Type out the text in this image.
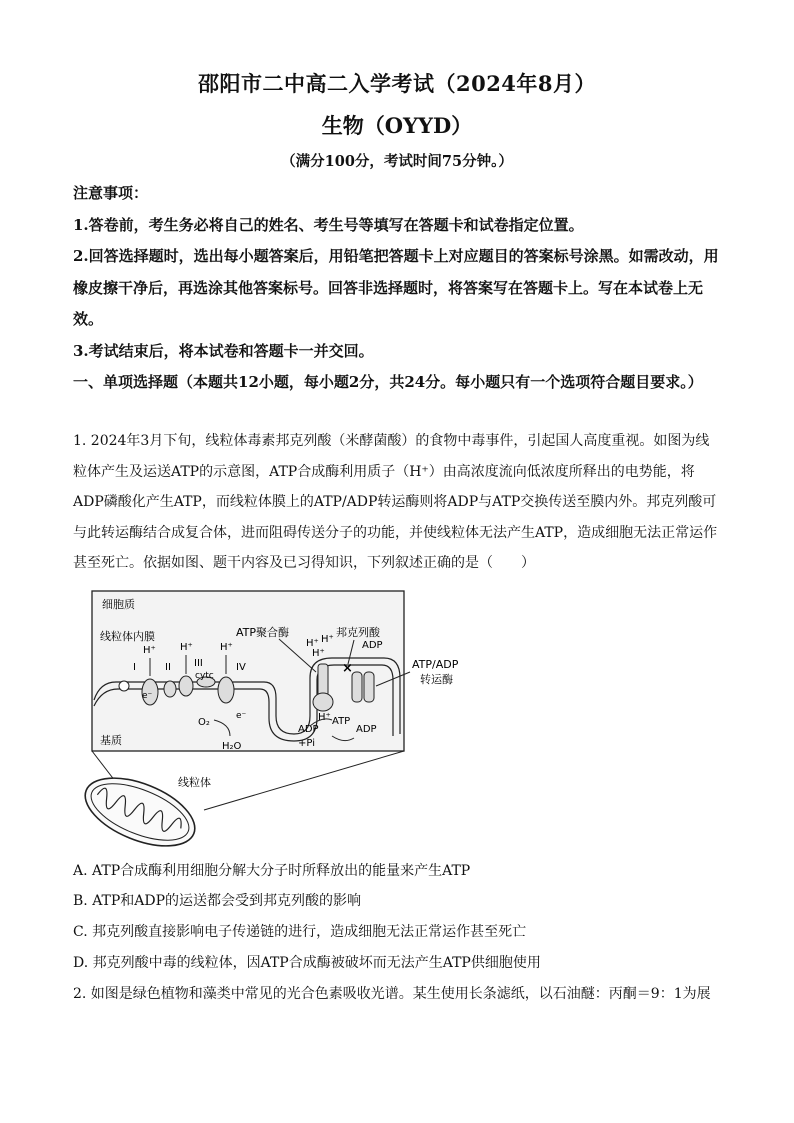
邵阳市二中高二入学考试（2024年8月）
生物（OYYD）
（满分100分，考试时间75分钟。）

注意事项：

1.答卷前，考生务必将自己的姓名、考生号等填写在答题卡和试卷指定位置。

2.回答选择题时，选出每小题答案后，用铅笔把答题卡上对应题目的答案标号涂黑。如需改动，用橡皮擦干净后，再选涂其他答案标号。回答非选择题时，将答案写在答题卡上。写在本试卷上无效。

3.考试结束后，将本试卷和答题卡一并交回。

一、单项选择题（本题共12小题，每小题2分，共24分。每小题只有一个选项符合题目要求。）

1. 2024年3月下旬，线粒体毒素邦克列酸（米酵菌酸）的食物中毒事件，引起国人高度重视。如图为线粒体产生及运送ATP的示意图，ATP合成酶利用质子（H⁺）由高浓度流向低浓度所释出的电势能，将ADP磷酸化产生ATP，而线粒体膜上的ATP/ADP转运酶则将ADP与ATP交换传送至膜内外。邦克列酸可与此转运酶结合成复合体，进而阻碍传送分子的功能，并使线粒体无法产生ATP，造成细胞无法正常运作甚至死亡。依据如图、题干内容及已习得知识，下列叙述正确的是（　　）

细胞质
线粒体内膜
基质
I	II III
cytc
IV
H⁺ H⁺	H⁺
e⁻
e⁻
O₂
H₂O
ATP聚合酶
H⁺ H⁺
H⁺
H⁺
邦克列酸
×
ADP
ATP
ADP
ADP
+Pi
ATP/ADP
转运酶
线粒体
A. ATP合成酶利用细胞分解大分子时所释放出的能量来产生ATP
B. ATP和ADP的运送都会受到邦克列酸的影响
C. 邦克列酸直接影响电子传递链的进行，造成细胞无法正常运作甚至死亡
D. 邦克列酸中毒的线粒体，因ATP合成酶被破坏而无法产生ATP供细胞使用
2. 如图是绿色植物和藻类中常见的光合色素吸收光谱。某生使用长条滤纸，以石油醚：丙酮＝9：1为展
